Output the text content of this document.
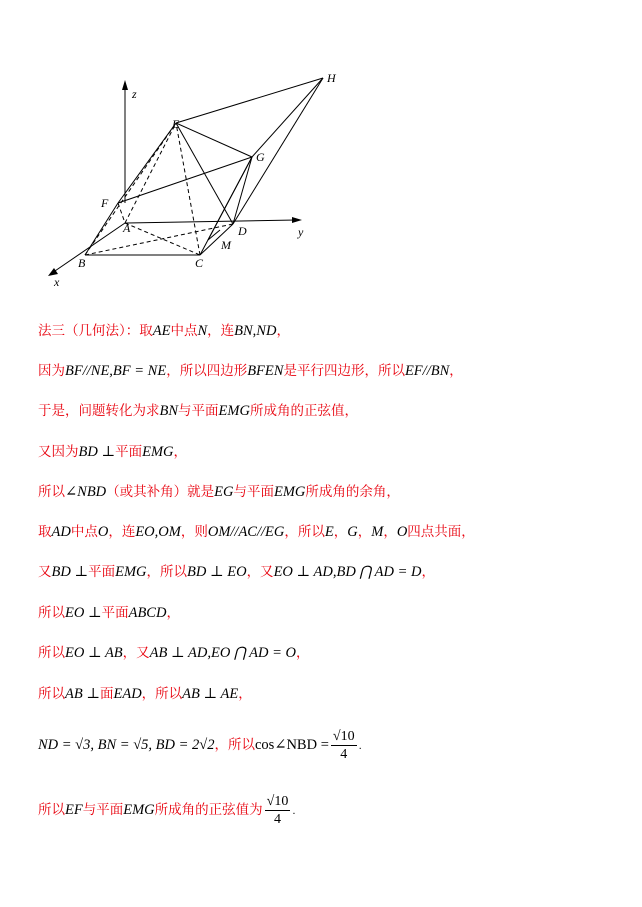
z
x
y
A
B	C
D
E
F
G
H
M
法三（几何法）：取AE中点N，连BN,ND，
因为BF//NE,BF = NE，所以四边形BFEN是平行四边形，所以EF//BN，
于是，问题转化为求BN与平面EMG所成角的正弦值，
又因为BD ⊥平面EMG，
所以∠NBD（或其补角）就是EG与平面EMG所成角的余角，
取AD中点O，连EO,OM，则OM//AC//EG，所以E，G，M，O四点共面，
又BD ⊥平面EMG，所以BD ⊥ EO，又EO ⊥ AD,BD ⋂ AD = D，
所以EO ⊥平面ABCD，
所以EO ⊥ AB，又AB ⊥ AD,EO ⋂ AD = O，
所以AB ⊥面EAD，所以AB ⊥ AE，
ND = √3, BN = √5, BD = 2√2，所以cos∠NBD = $\frac{√10}{4}$ .
所以EF与平面EMG所成角的正弦值为 $\frac{√10}{4}$ .
